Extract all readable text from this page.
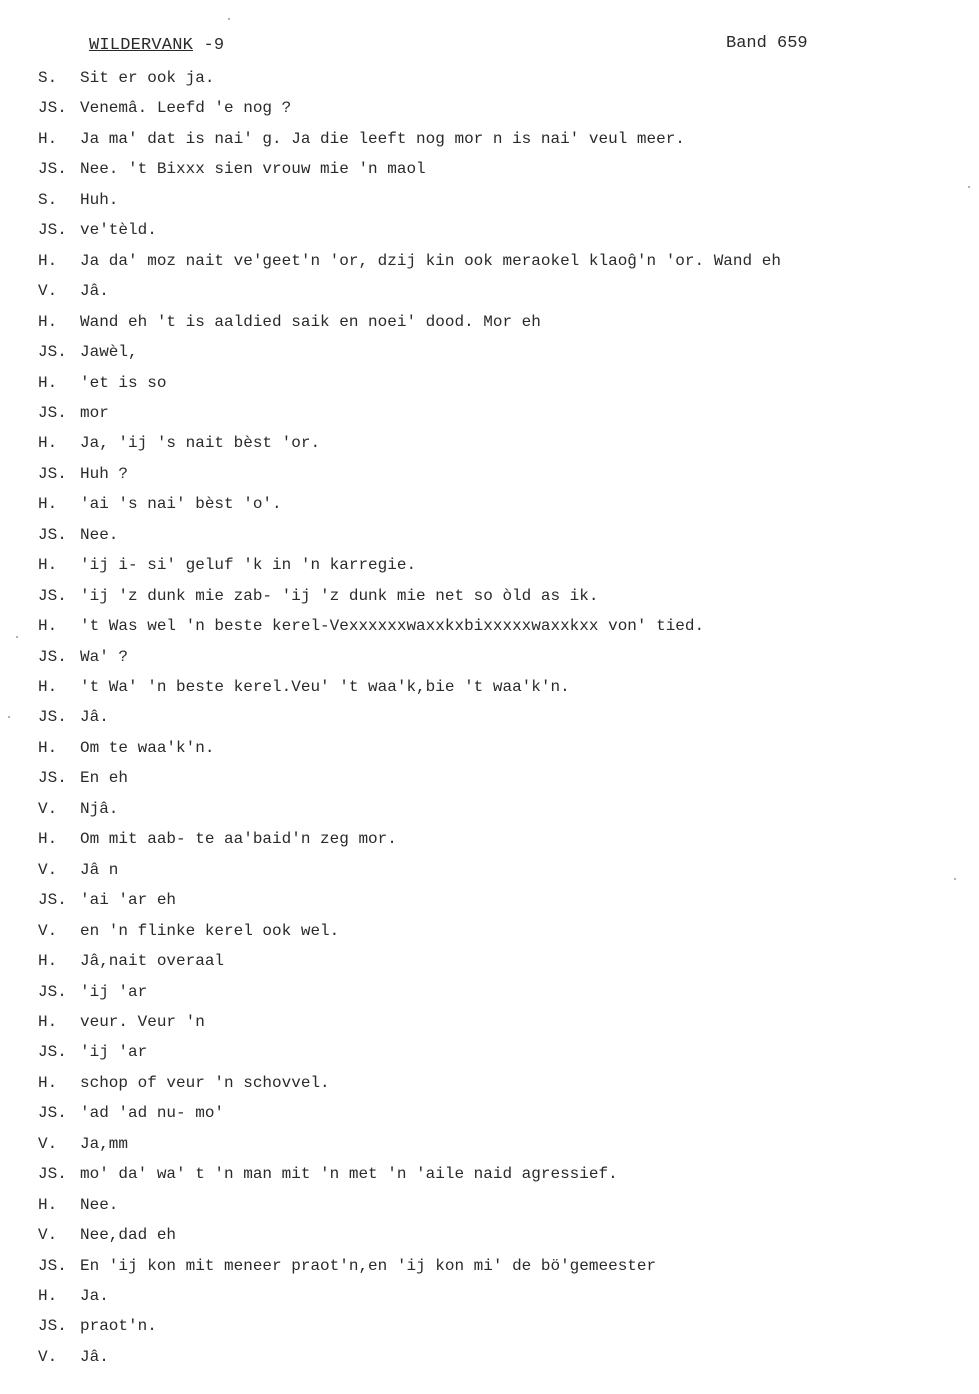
WILDERVANK -9	Band 659
S. Sit er ook ja.
JS. Venemâ. Leefd 'e nog ?
H. Ja ma' dat is nai' g. Ja die leeft nog mor n is nai' veul meer.
JS. Nee. 't Bixxx sien vrouw mie 'n maol
S. Huh.
JS. ve'tèld.
H. Ja da' moz nait ve'geet'n 'or, dzij kin ook meraokel klaoĝ'n 'or. Wand eh
V. Jâ.
H. Wand eh 't is aaldied saik en noei' dood. Mor eh
JS. Jawèl,
H. 'et is so
JS. mor
H. Ja, 'ij 's nait bèst 'or.
JS. Huh ?
H. 'ai 's nai' bèst 'o'.
JS. Nee.
H. 'ij i- si' geluf 'k in 'n karregie.
JS. 'ij 'z dunk mie zab- 'ij 'z dunk mie net so òld as ik.
H. 't Was wel 'n beste kerel-Vexxxxxxwaxxkxbixxxxxwaxxkxx von' tied.
JS. Wa' ?
H. 't Wa' 'n beste kerel.Veu' 't waa'k,bie 't waa'k'n.
JS. Jâ.
H. Om te waa'k'n.
JS. En eh
V. Njâ.
H. Om mit aab- te aa'baid'n zeg mor.
V. Jâ n
JS. 'ai 'ar eh
V. en 'n flinke kerel ook wel.
H. Jâ,nait overaal
JS. 'ij 'ar
H. veur. Veur 'n
JS. 'ij 'ar
H. schop of veur 'n schovvel.
JS. 'ad 'ad nu- mo'
V. Ja,mm
JS. mo' da' wa' t 'n man mit 'n met 'n 'aile naid agressief.
H. Nee.
V. Nee,dad eh
JS. En 'ij kon mit meneer praot'n,en 'ij kon mi' de bö'gemeester
H. Ja.
JS. praot'n.
V. Jâ.
